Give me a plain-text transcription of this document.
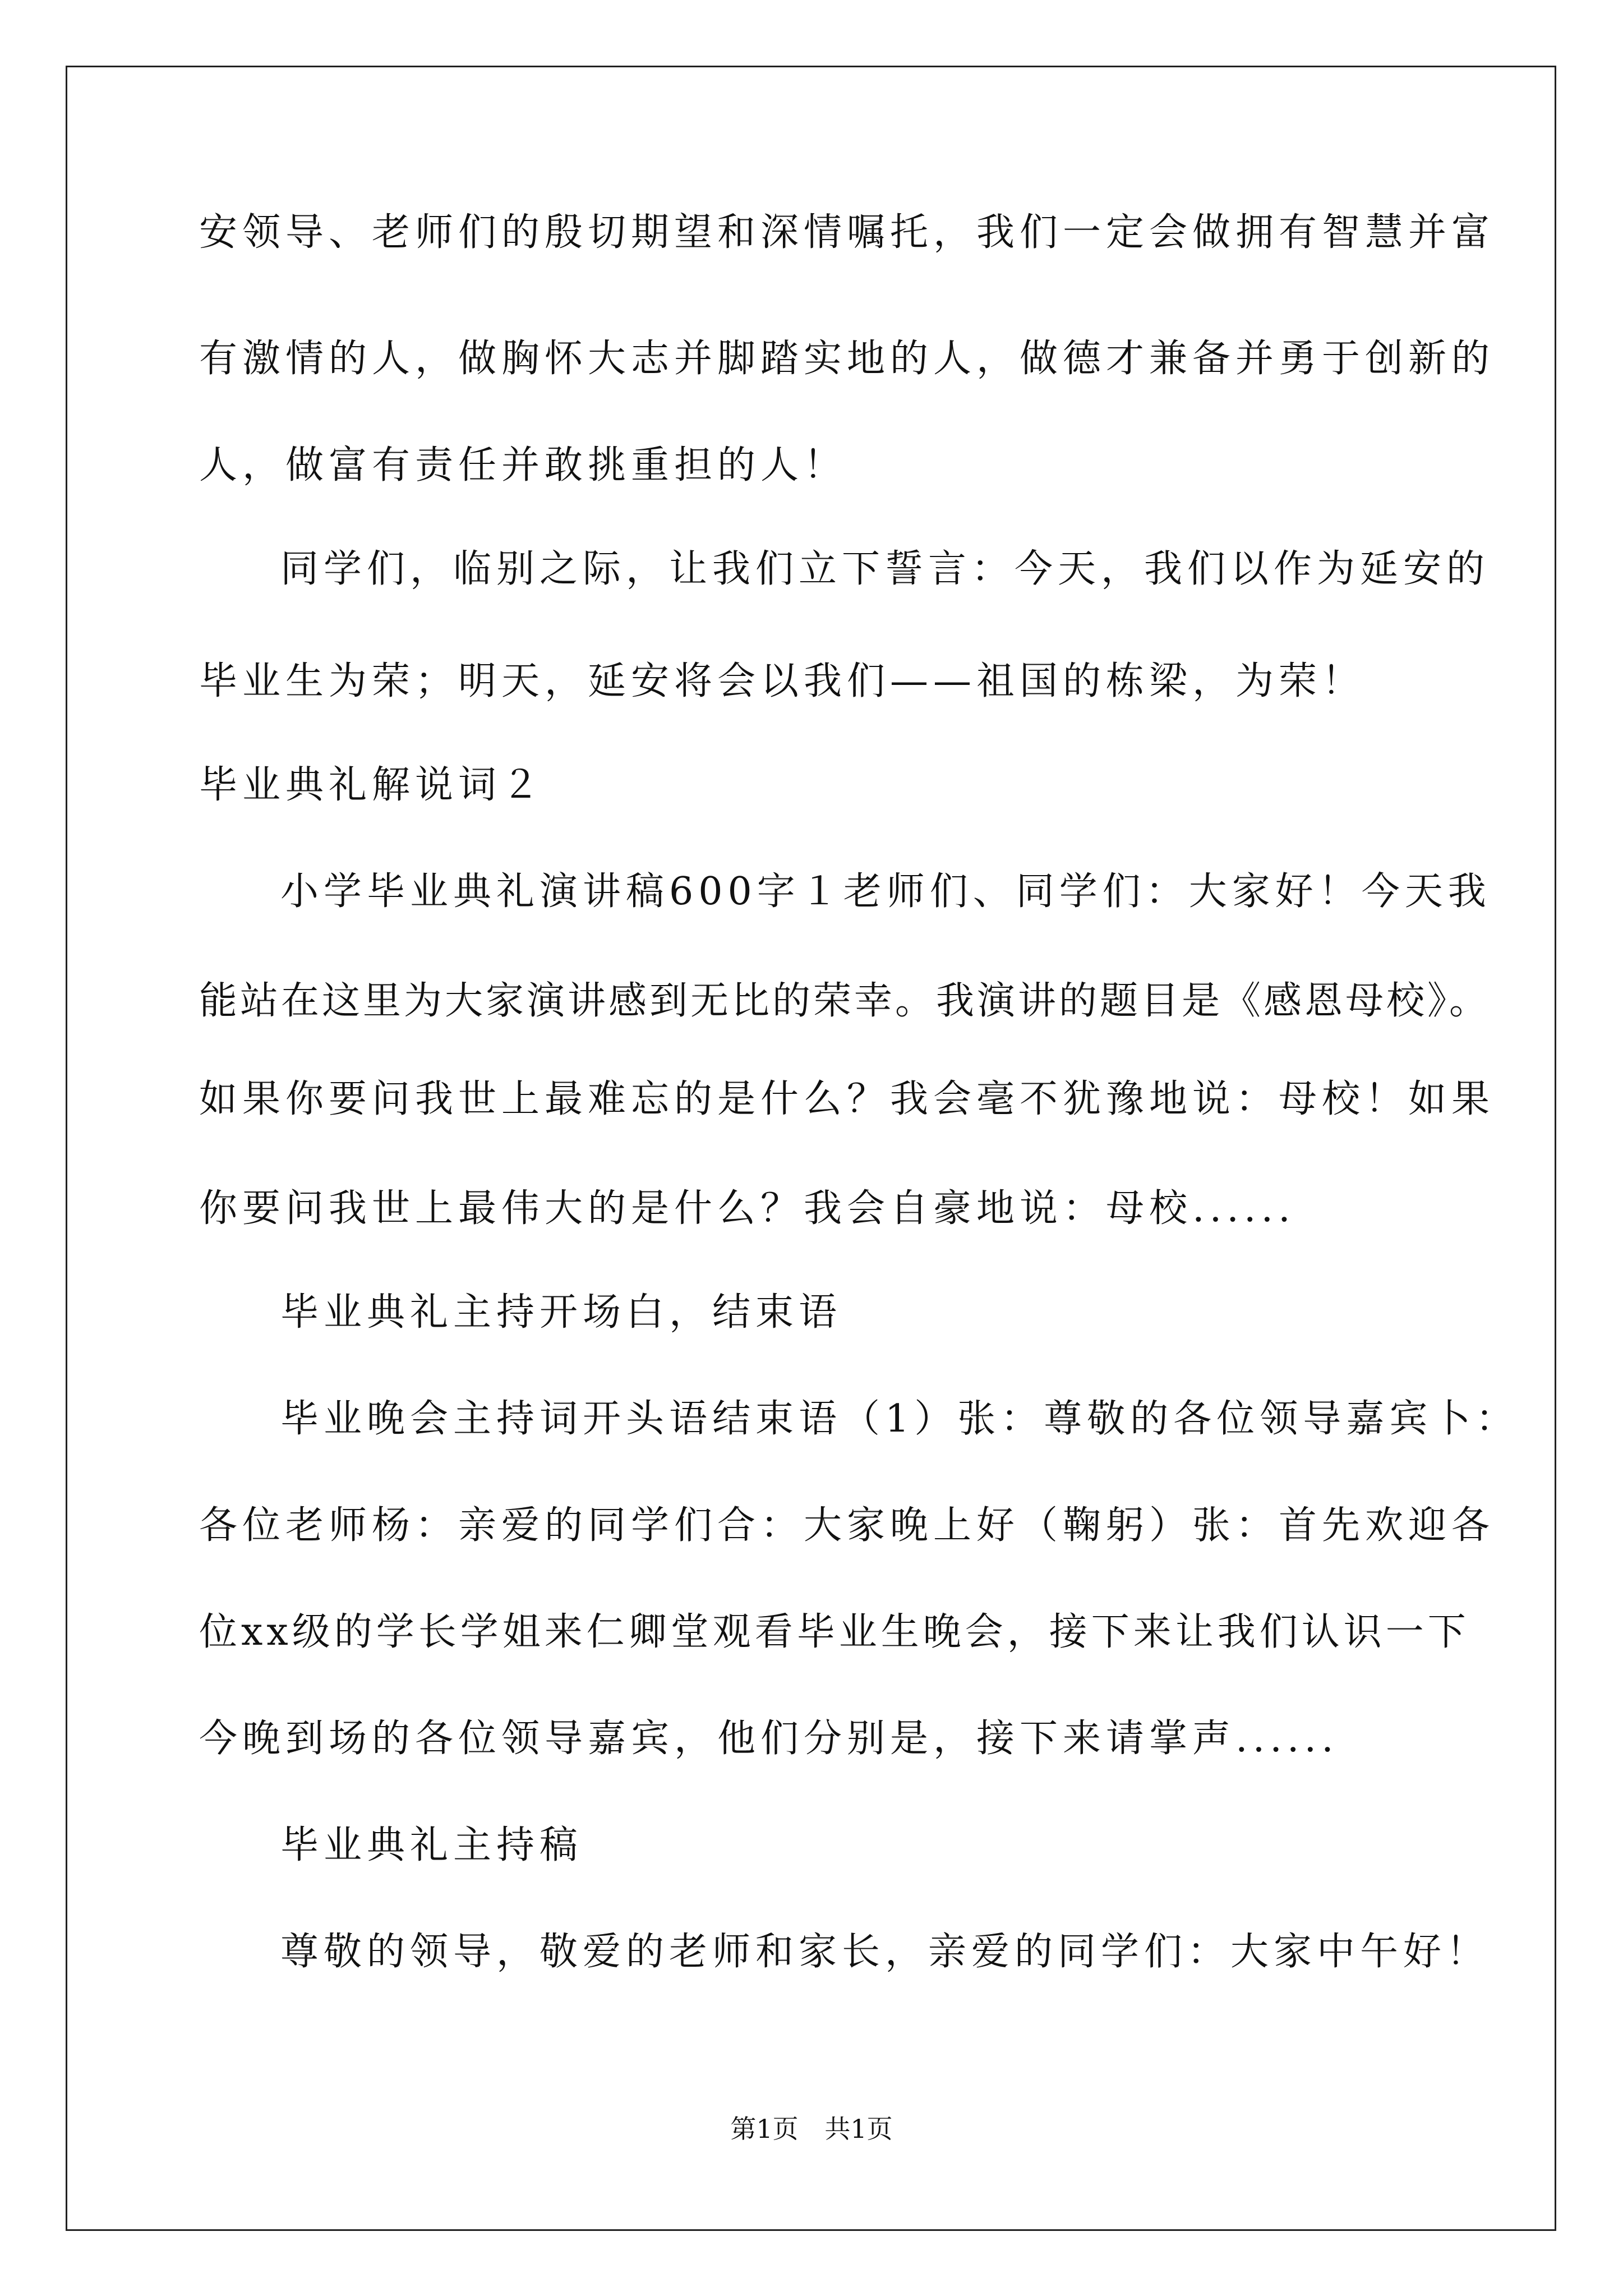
安领导、老师们的殷切期望和深情嘱托，我们一定会做拥有智慧并富
有激情的人，做胸怀大志并脚踏实地的人，做德才兼备并勇于创新的
人，做富有责任并敢挑重担的人！
同学们，临别之际，让我们立下誓言：今天，我们以作为延安的
毕业生为荣；明天，延安将会以我们——祖国的栋梁，为荣！
毕业典礼解说词２
小学毕业典礼演讲稿600字１老师们、同学们：大家好！今天我
能站在这里为大家演讲感到无比的荣幸。我演讲的题目是《感恩母校》。
如果你要问我世上最难忘的是什么？我会毫不犹豫地说：母校！如果
你要问我世上最伟大的是什么？我会自豪地说：母校......
毕业典礼主持开场白，结束语
毕业晚会主持词开头语结束语（1）张：尊敬的各位领导嘉宾卜：
各位老师杨：亲爱的同学们合：大家晚上好（鞠躬）张：首先欢迎各
位xx级的学长学姐来仁卿堂观看毕业生晚会，接下来让我们认识一下
今晚到场的各位领导嘉宾，他们分别是，接下来请掌声......
毕业典礼主持稿
尊敬的领导，敬爱的老师和家长，亲爱的同学们：大家中午好！
第1页 共1页
